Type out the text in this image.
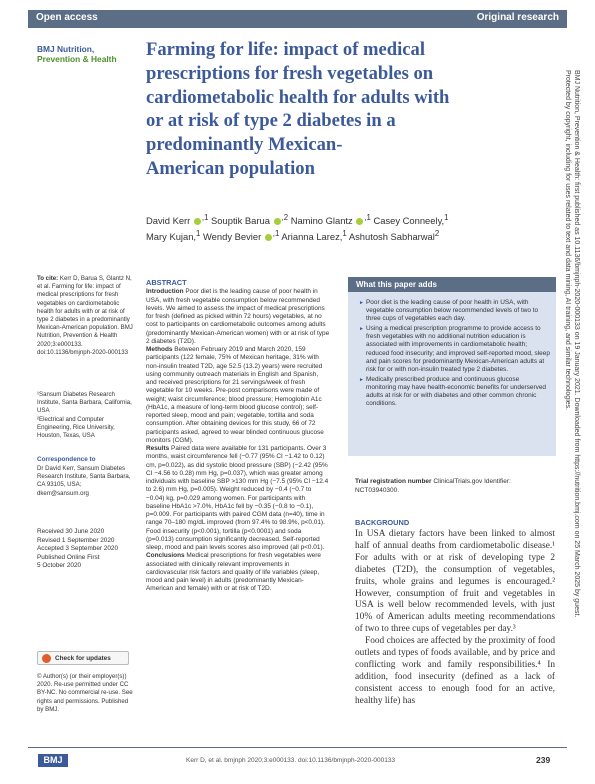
Open access	Original research
BMJ Nutrition,
Prevention & Health Farming for life: impact of medical
prescriptions for fresh vegetables on
cardiometabolic health for adults with
or at risk of type 2 diabetes in a
predominantly Mexican-
American population
David Kerr $^{,1}$ Souptik Barua $^{,2}$ Namino Glantz $^{,1}$ Casey Conneely,$^1$
Mary Kujan,$^1$ Wendy Bevier $^{,1}$ Arianna Larez,$^1$ Ashutosh Sabharwal$^2$
To cite: Kerr D, Barua S, Glantz N, et al. Farming for life: impact of medical prescriptions for fresh vegetables on cardiometabolic health for adults with or at risk of type 2 diabetes in a predominantly Mexican-American population. BMJ Nutrition, Prevention & Health 2020;3:e000133. doi:10.1136/bmjnph-2020-000133
¹Sansum Diabetes Research Institute, Santa Barbara, California, USA
²Electrical and Computer Engineering, Rice University, Houston, Texas, USA
Correspondence to
Dr David Kerr, Sansum Diabetes Research Institute, Santa Barbara, CA 93105, USA; dkerr@sansum.org
Received 30 June 2020
Revised 1 September 2020
Accepted 3 September 2020
Published Online First
5 October 2020
Check for updates
© Author(s) (or their employer(s)) 2020. Re-use permitted under CC BY-NC. No commercial re-use. See rights and permissions. Published by BMJ.
ABSTRACT

Introduction Poor diet is the leading cause of poor health in USA, with fresh vegetable consumption below recommended levels. We aimed to assess the impact of medical prescriptions for fresh (defined as picked within 72 hours) vegetables, at no cost to participants on cardiometabolic outcomes among adults (predominantly Mexican-American women) with or at risk of type 2 diabetes (T2D).

Methods Between February 2019 and March 2020, 159 participants (122 female, 75% of Mexican heritage, 31% with non-insulin treated T2D, age 52.5 (13.2) years) were recruited using community outreach materials in English and Spanish, and received prescriptions for 21 servings/week of fresh vegetable for 10 weeks. Pre-post comparisons were made of weight; waist circumference; blood pressure; Hemoglobin A1c (HbA1c, a measure of long-term blood glucose control); self-reported sleep, mood and pain; vegetable, tortilla and soda consumption. After obtaining devices for this study, 66 of 72 participants asked, agreed to wear blinded continuous glucose monitors (CGM).

Results Paired data were available for 131 participants. Over 3 months, waist circumference fell (−0.77 (95% CI −1.42 to 0.12) cm, p=0.022), as did systolic blood pressure (SBP) (−2.42 (95% CI −4.56 to 0.28) mm Hg, p=0.037), which was greater among individuals with baseline SBP >130 mm Hg (−7.5 (95% CI −12.4 to 2.6) mm Hg, p=0.005). Weight reduced by −0.4 (−0.7 to −0.04) kg, p=0.029 among women. For participants with baseline HbA1c >7.0%, HbA1c fell by −0.35 (−0.8 to −0.1), p=0.009. For participants with paired CGM data (n=40), time in range 70–180 mg/dL improved (from 97.4% to 98.9%, p<0.01). Food insecurity (p<0.001), tortilla (p<0.0001) and soda (p=0.013) consumption significantly decreased. Self-reported sleep, mood and pain levels scores also improved (all p<0.01).

Conclusions Medical prescriptions for fresh vegetables were associated with clinically relevant improvements in cardiovascular risk factors and quality of life variables (sleep, mood and pain level) in adults (predominantly Mexican-American and female) with or at risk of T2D.

What this paper adds
► Poor diet is the leading cause of poor health in USA, with vegetable consumption below recommended levels of two to three cups of vegetables each day.
► Using a medical prescription programme to provide access to fresh vegetables with no additional nutrition education is associated with improvements in cardiometabolic health; reduced food insecurity; and improved self-reported mood, sleep and pain scores for predominantly Mexican-American adults at risk for or with non-insulin treated type 2 diabetes.
► Medically prescribed produce and continuous glucose monitoring may have health-economic benefits for underserved adults at risk for or with diabetes and other common chronic conditions.
Trial registration number ClinicalTrials.gov Identifier: NCT03940300.
BACKGROUND

In USA dietary factors have been linked to almost half of annual deaths from cardiometabolic disease.¹ For adults with or at risk of developing type 2 diabetes (T2D), the consumption of vegetables, fruits, whole grains and legumes is encouraged.² However, consumption of fruit and vegetables in USA is well below recommended levels, with just 10% of American adults meeting recommendations of two to three cups of vegetables per day.³

Food choices are affected by the proximity of food outlets and types of foods available, and by price and conflicting work and family responsibilities.⁴ In addition, food insecurity (defined as a lack of consistent access to enough food for an active, healthy life) has

BMJ	Kerr D, et al. bmjnph 2020;3:e000133. doi:10.1136/bmjnph-2020-000133	239
BMJ Nutrition, Prevention & Health: first published as 10.1136/bmjnph-2020-000133 on 19 January 2021. Downloaded from https://nutrition.bmj.com on 25 March 2025 by guest.
Protected by copyright, including for uses related to text and data mining, AI training, and similar technologies.
